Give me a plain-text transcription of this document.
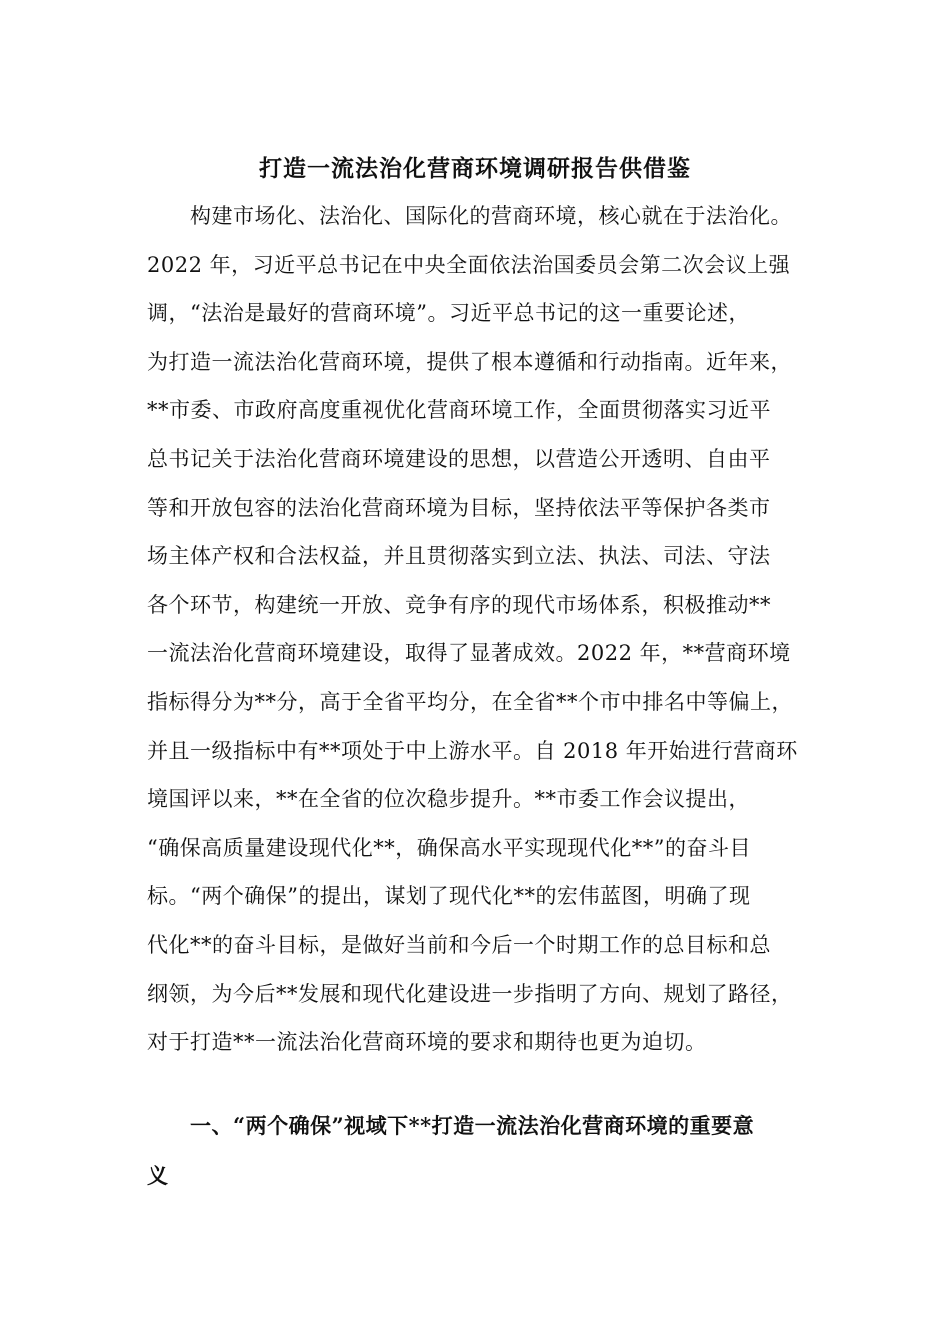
打造一流法治化营商环境调研报告供借鉴
　　构建市场化、法治化、国际化的营商环境，核心就在于法治化。
2022 年，习近平总书记在中央全面依法治国委员会第二次会议上强
调，“法治是最好的营商环境”。习近平总书记的这一重要论述，
为打造一流法治化营商环境，提供了根本遵循和行动指南。近年来，
**市委、市政府高度重视优化营商环境工作，全面贯彻落实习近平
总书记关于法治化营商环境建设的思想，以营造公开透明、自由平
等和开放包容的法治化营商环境为目标，坚持依法平等保护各类市
场主体产权和合法权益，并且贯彻落实到立法、执法、司法、守法
各个环节，构建统一开放、竞争有序的现代市场体系，积极推动**
一流法治化营商环境建设，取得了显著成效。2022 年，**营商环境
指标得分为**分，高于全省平均分，在全省**个市中排名中等偏上，
并且一级指标中有**项处于中上游水平。自 2018 年开始进行营商环
境国评以来，**在全省的位次稳步提升。**市委工作会议提出，
“确保高质量建设现代化**，确保高水平实现现代化**”的奋斗目
标。“两个确保”的提出，谋划了现代化**的宏伟蓝图，明确了现
代化**的奋斗目标，是做好当前和今后一个时期工作的总目标和总
纲领，为今后**发展和现代化建设进一步指明了方向、规划了路径，
对于打造**一流法治化营商环境的要求和期待也更为迫切。
　　一、“两个确保”视域下**打造一流法治化营商环境的重要意
义
